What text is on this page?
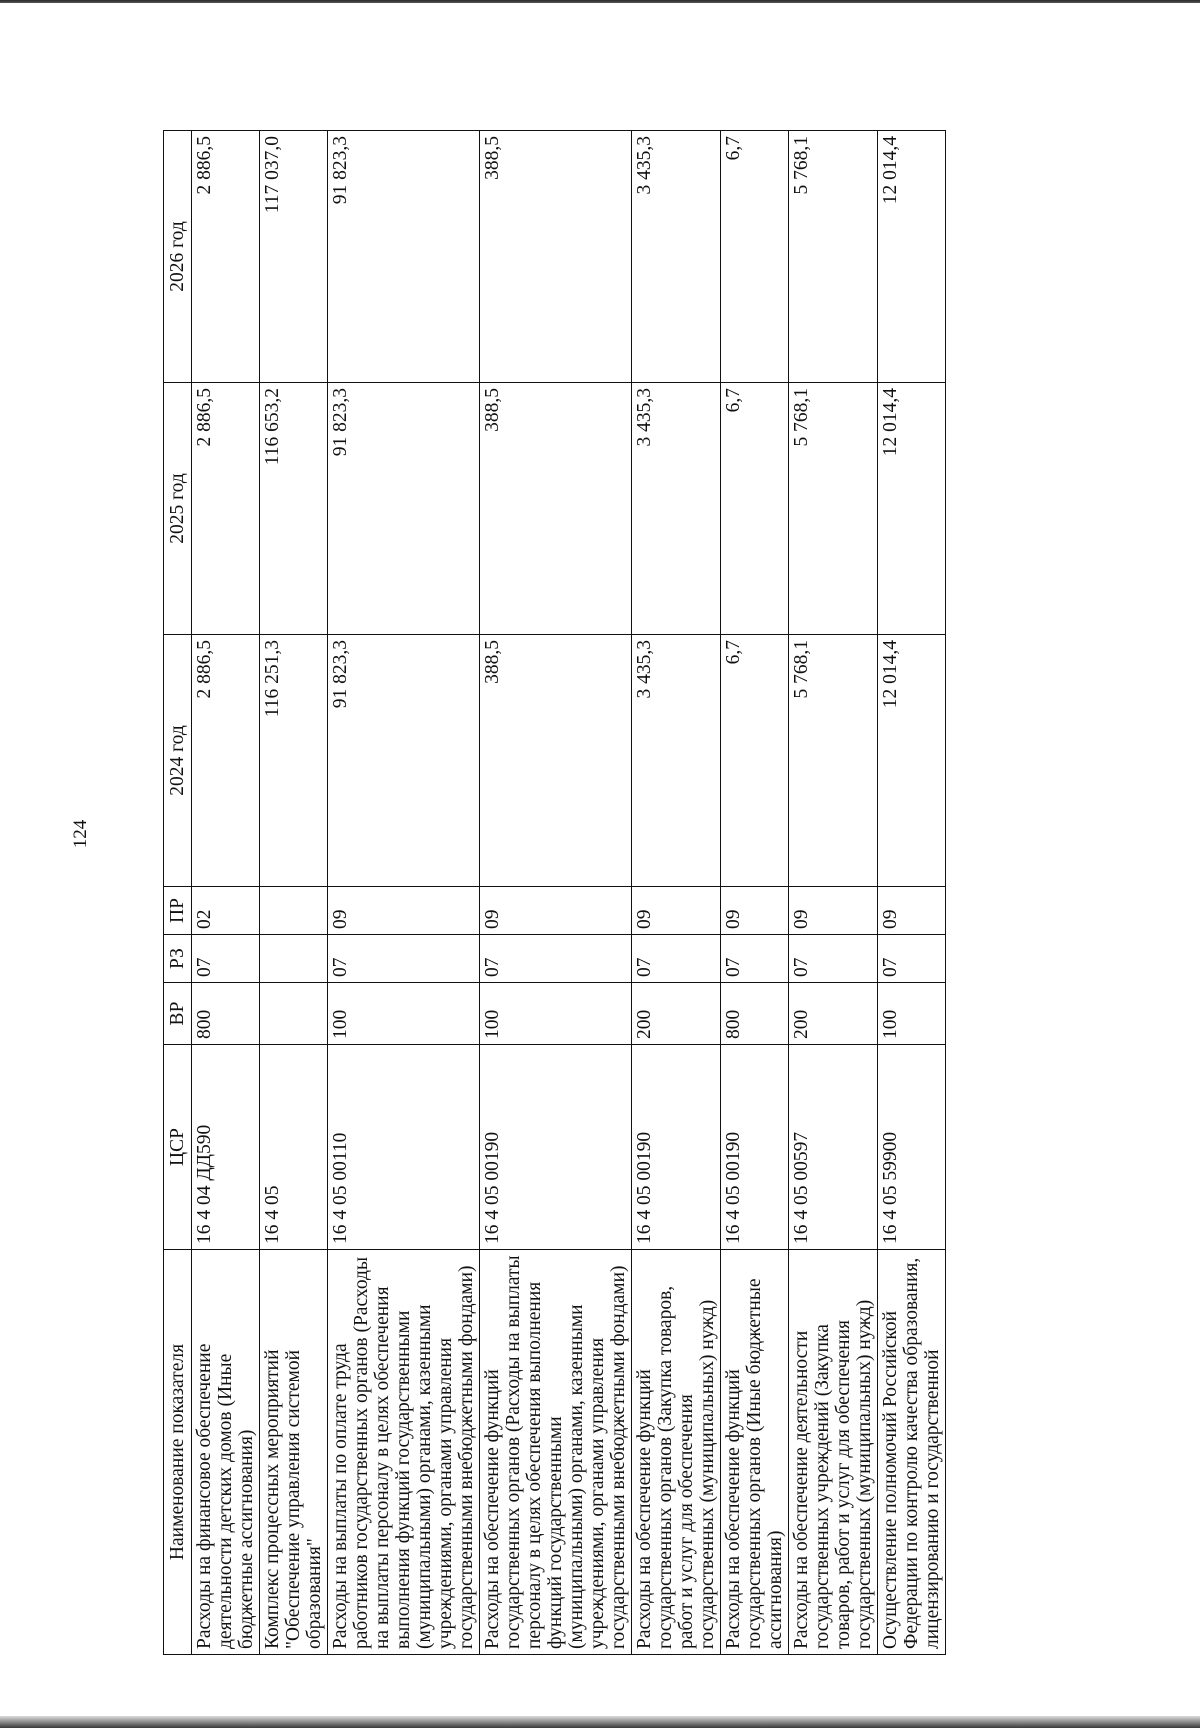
124
Наименование показателя	ЦСР	ВР	РЗ	ПР	2024 год	2025 год	2026 год
Расходы на финансовое обеспечение деятельности детских домов (Иные бюджетные ассигнования)	16 4 04 ДД590	800	07	02	2 886,5	2 886,5	2 886,5
Комплекс процессных мероприятий "Обеспечение управления системой образования"	16 4 05				116 251,3	116 653,2	117 037,0
Расходы на выплаты по оплате труда работников государственных органов (Расходы на выплаты персоналу в целях обеспечения выполнения функций государственными (муниципальными) органами, казенными учреждениями, органами управления государственными внебюджетными фондами)	16 4 05 00110	100	07	09	91 823,3	91 823,3	91 823,3
Расходы на обеспечение функций государственных органов (Расходы на выплаты персоналу в целях обеспечения выполнения функций государственными (муниципальными) органами, казенными учреждениями, органами управления государственными внебюджетными фондами)	16 4 05 00190	100	07	09	388,5	388,5	388,5
Расходы на обеспечение функций государственных органов (Закупка товаров, работ и услуг для обеспечения государственных (муниципальных) нужд)	16 4 05 00190	200	07	09	3 435,3	3 435,3	3 435,3
Расходы на обеспечение функций государственных органов (Иные бюджетные ассигнования)	16 4 05 00190	800	07	09	6,7	6,7	6,7
Расходы на обеспечение деятельности государственных учреждений (Закупка товаров, работ и услуг для обеспечения государственных (муниципальных) нужд)	16 4 05 00597	200	07	09	5 768,1	5 768,1	5 768,1
Осуществление полномочий Российской Федерации по контролю качества образования, лицензированию и государственной	16 4 05 59900	100	07	09	12 014,4	12 014,4	12 014,4
